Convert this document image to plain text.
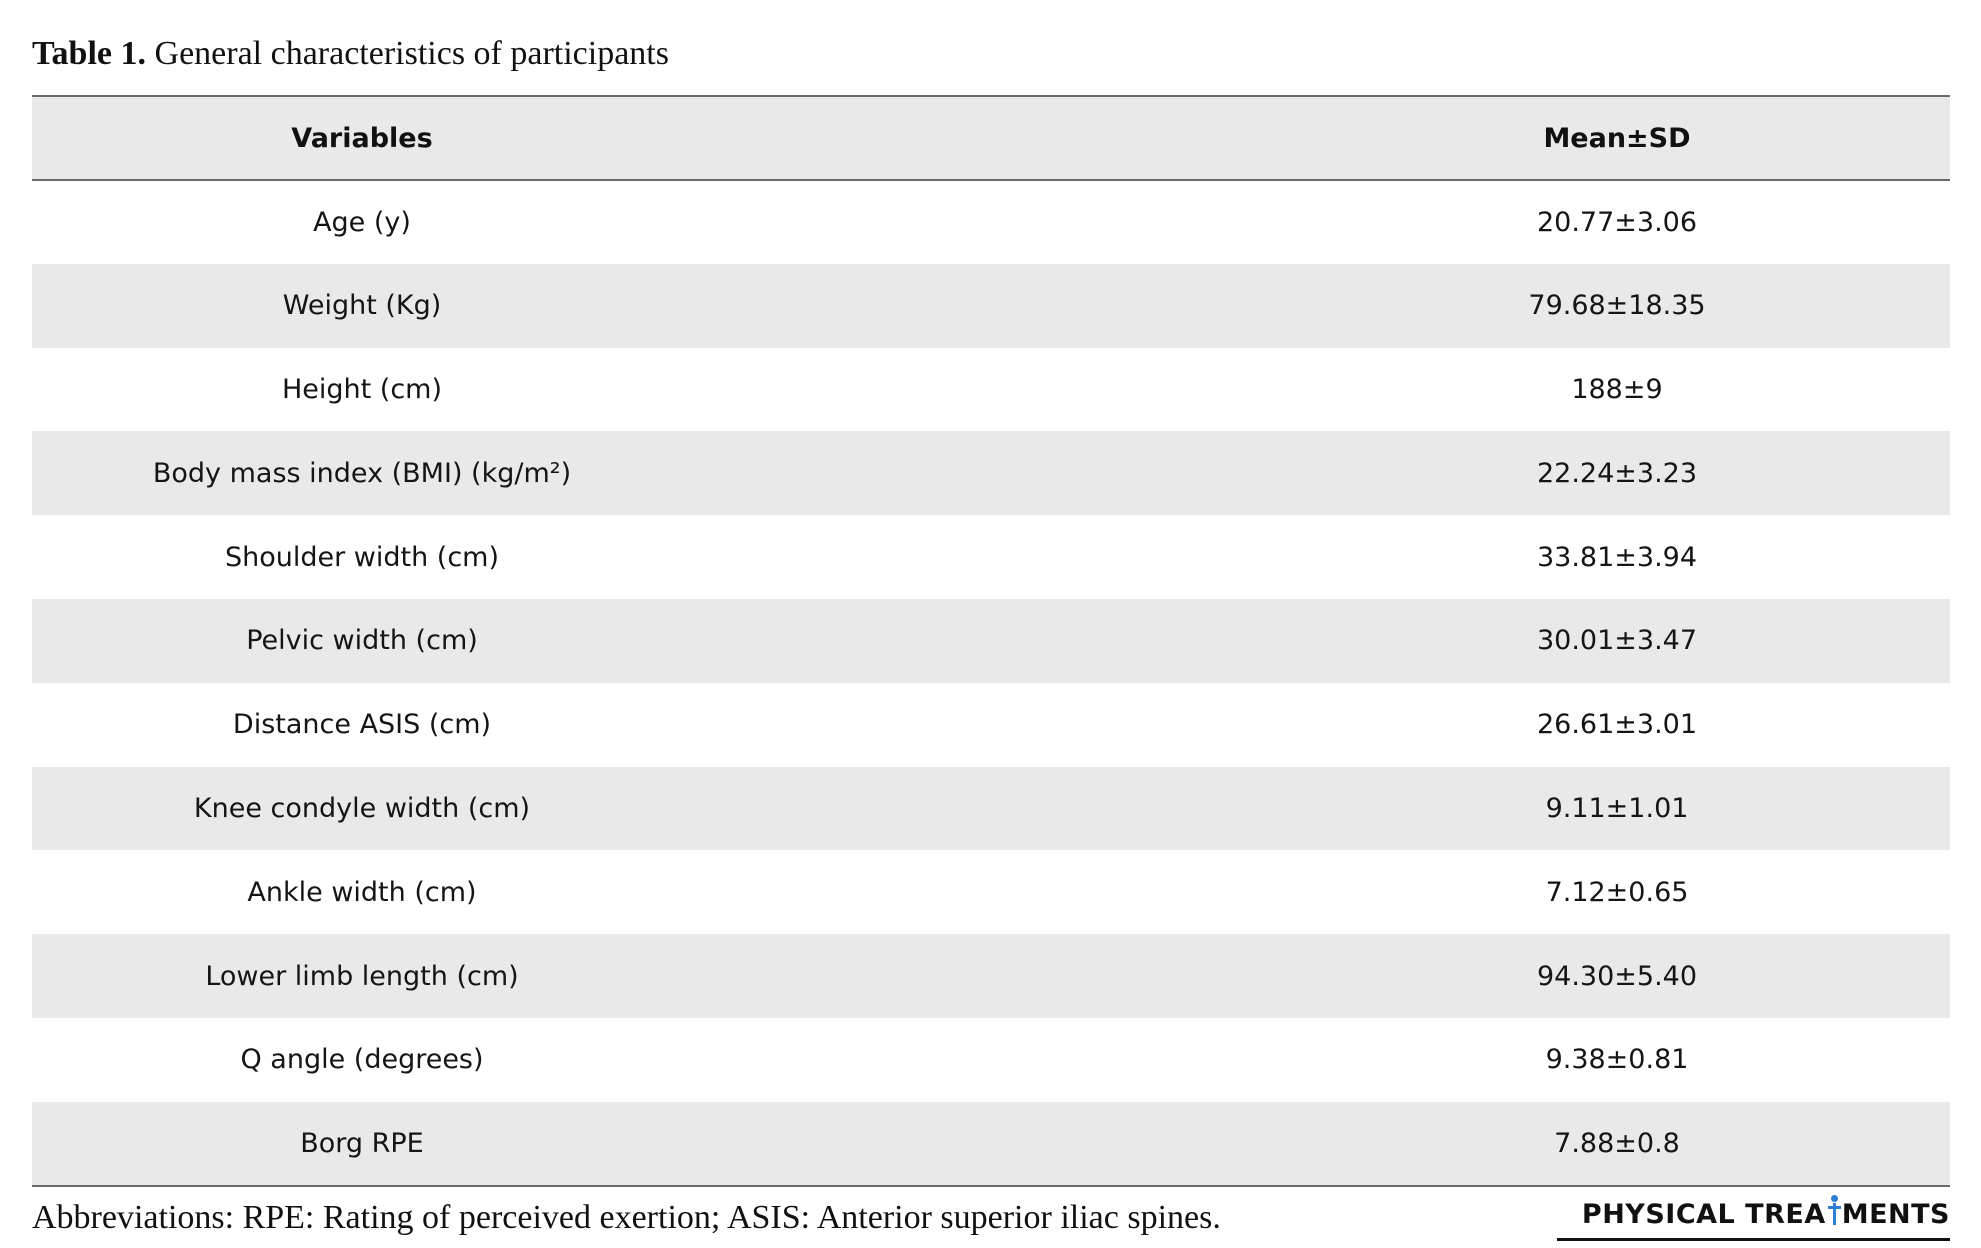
Table 1. General characteristics of participants
Variables	Mean±SD

Age (y)	20.77±3.06

Weight (Kg)	79.68±18.35

Height (cm)	188±9

Body mass index (BMI) (kg/m²)	22.24±3.23

Shoulder width (cm)	33.81±3.94

Pelvic width (cm)	30.01±3.47

Distance ASIS (cm)	26.61±3.01

Knee condyle width (cm)	9.11±1.01

Ankle width (cm)	7.12±0.65

Lower limb length (cm)	94.30±5.40

Q angle (degrees)	9.38±0.81

Borg RPE	7.88±0.8
Abbreviations: RPE: Rating of perceived exertion; ASIS: Anterior superior iliac spines.	PHYSICAL TREA MENTS
